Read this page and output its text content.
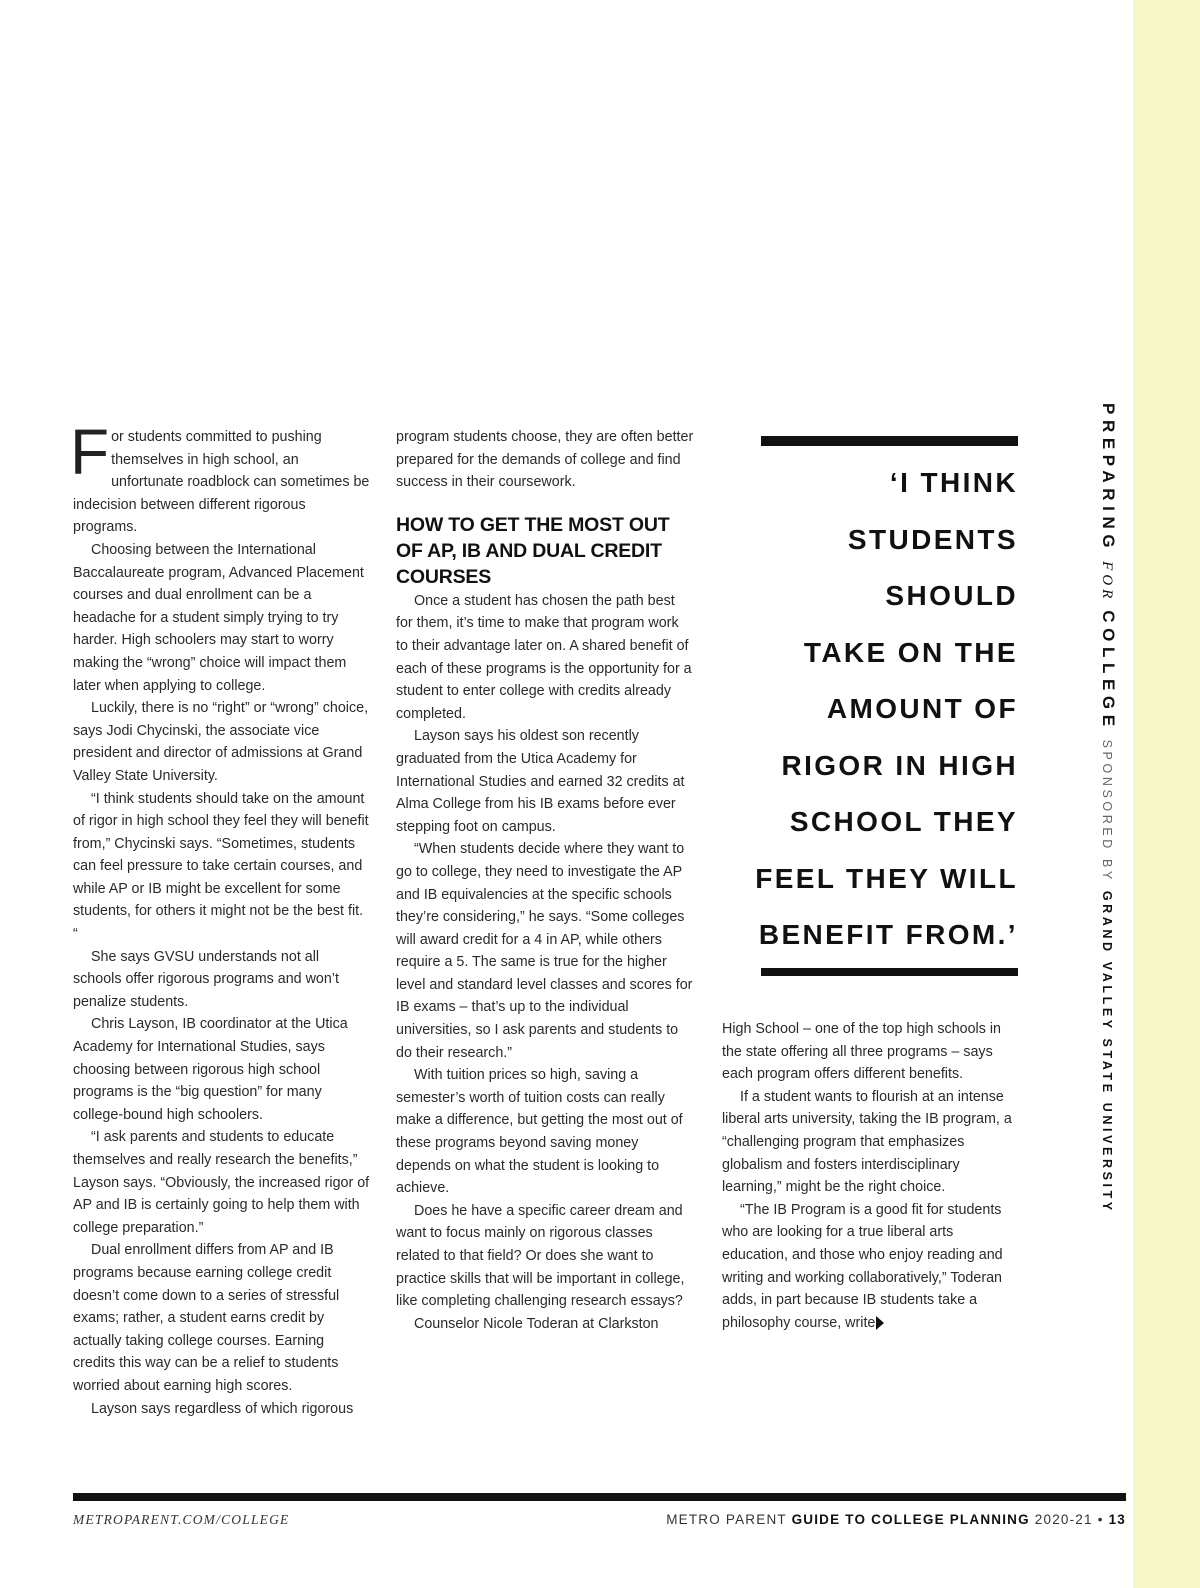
PREPARING FOR COLLEGE SPONSORED BY GRAND VALLEY STATE UNIVERSITY

For students committed to pushing themselves in high school, an unfortunate roadblock can sometimes be indecision between different rigorous programs.

Choosing between the International Baccalaureate program, Advanced Placement courses and dual enrollment can be a headache for a student simply trying to try harder. High schoolers may start to worry making the “wrong” choice will impact them later when applying to college.

Luckily, there is no “right” or “wrong” choice, says Jodi Chycinski, the associate vice president and director of admissions at Grand Valley State University.

“I think students should take on the amount of rigor in high school they feel they will benefit from,” Chycinski says. “Sometimes, students can feel pressure to take certain courses, and while AP or IB might be excellent for some students, for others it might not be the best fit. “

She says GVSU understands not all schools offer rigorous programs and won’t penalize students.

Chris Layson, IB coordinator at the Utica Academy for International Studies, says choosing between rigorous high school programs is the “big question” for many college-bound high schoolers.

“I ask parents and students to educate themselves and really research the benefits,” Layson says. “Obviously, the increased rigor of AP and IB is certainly going to help them with college preparation.”

Dual enrollment differs from AP and IB programs because earning college credit doesn’t come down to a series of stressful exams; rather, a student earns credit by actually taking college courses. Earning credits this way can be a relief to students worried about earning high scores.

Layson says regardless of which rigorous

program students choose, they are often better prepared for the demands of college and find success in their coursework.

HOW TO GET THE MOST OUT OF AP, IB AND DUAL CREDIT COURSES

Once a student has chosen the path best for them, it’s time to make that program work to their advantage later on. A shared benefit of each of these programs is the opportunity for a student to enter college with credits already completed.

Layson says his oldest son recently graduated from the Utica Academy for International Studies and earned 32 credits at Alma College from his IB exams before ever stepping foot on campus.

“When students decide where they want to go to college, they need to investigate the AP and IB equivalencies at the specific schools they’re considering,” he says. “Some colleges will award credit for a 4 in AP, while others require a 5. The same is true for the higher level and standard level classes and scores for IB exams – that’s up to the individual universities, so I ask parents and students to do their research.”

With tuition prices so high, saving a semester’s worth of tuition costs can really make a difference, but getting the most out of these programs beyond saving money depends on what the student is looking to achieve.

Does he have a specific career dream and want to focus mainly on rigorous classes related to that field? Or does she want to practice skills that will be important in college, like completing challenging research essays?

Counselor Nicole Toderan at Clarkston

‘I THINK
STUDENTS
SHOULD
TAKE ON THE
AMOUNT OF
RIGOR IN HIGH
SCHOOL THEY
FEEL THEY WILL
BENEFIT FROM.’

High School – one of the top high schools in the state offering all three programs – says each program offers different benefits.

If a student wants to flourish at an intense liberal arts university, taking the IB program, a “challenging program that emphasizes globalism and fosters interdisciplinary learning,” might be the right choice.

“The IB Program is a good fit for students who are looking for a true liberal arts education, and those who enjoy reading and writing and working collaboratively,” Toderan adds, in part because IB students take a philosophy course, write

METROPARENT.COM/COLLEGE	METRO PARENT GUIDE TO COLLEGE PLANNING 2020-21 • 13
